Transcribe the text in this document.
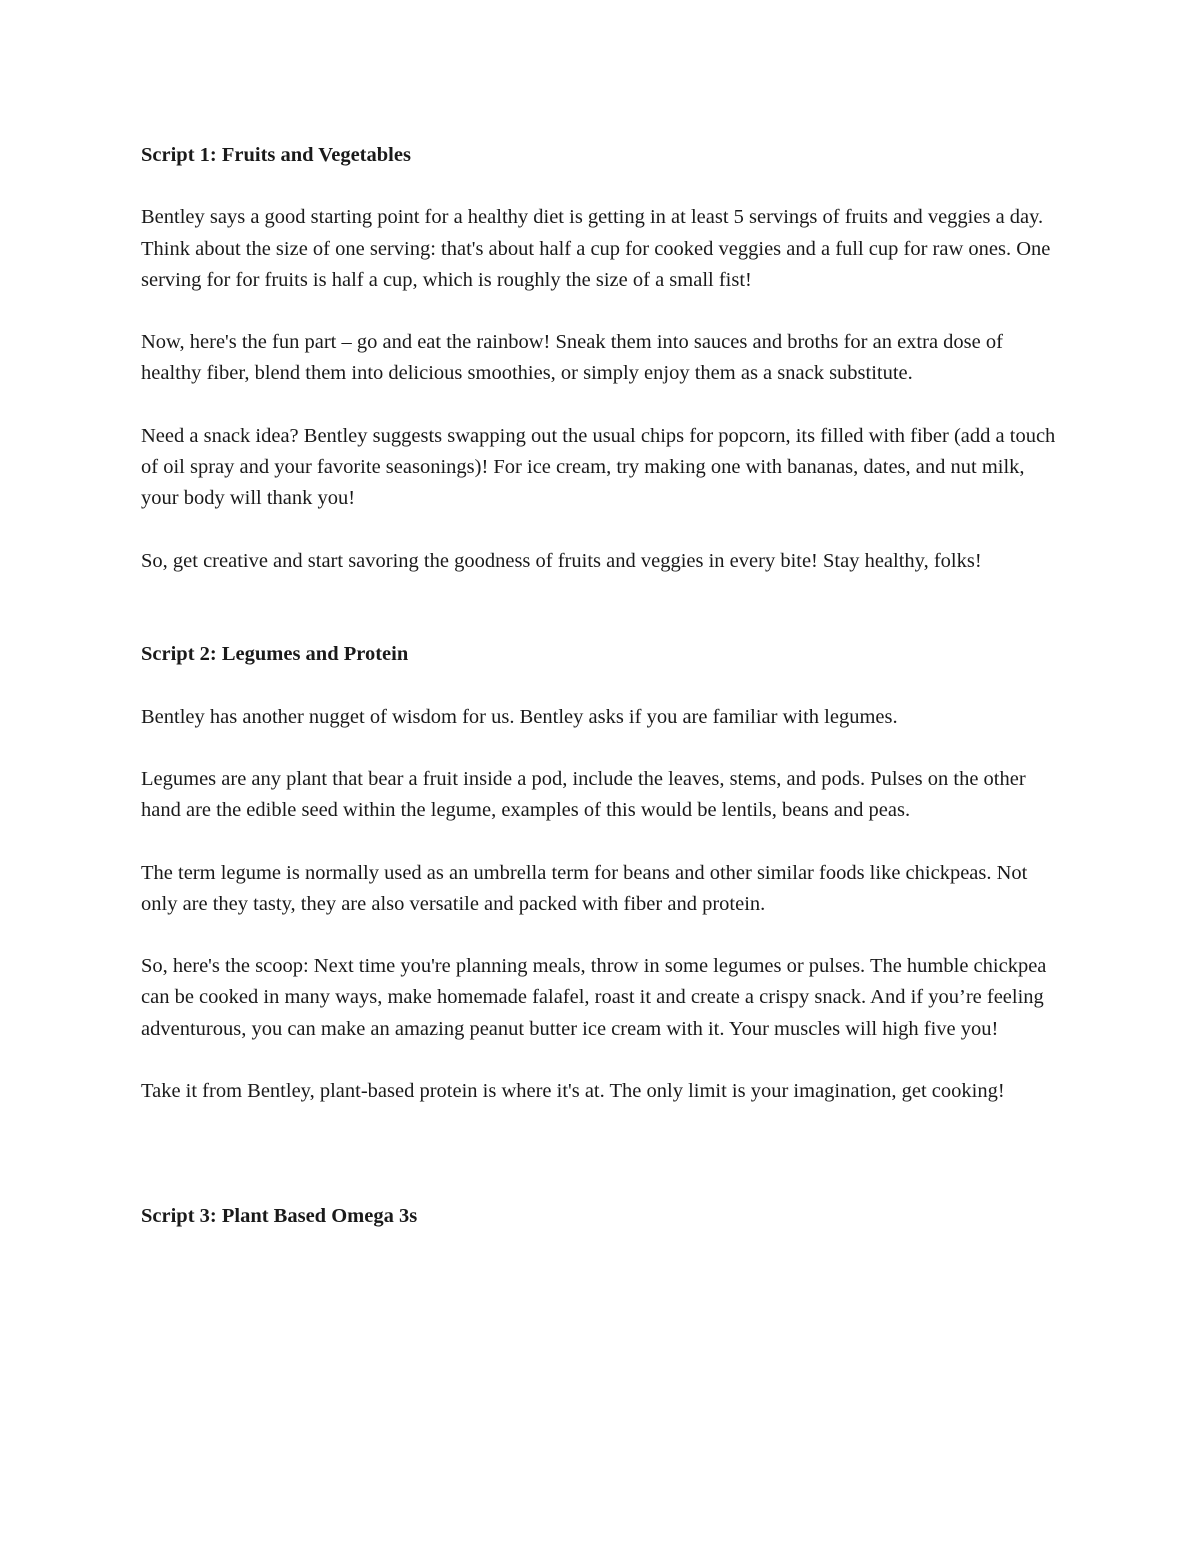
Script 1: Fruits and Vegetables

Bentley says a good starting point for a healthy diet is getting in at least 5 servings of fruits and veggies a day. Think about the size of one serving: that's about half a cup for cooked veggies and a full cup for raw ones. One serving for for fruits is half a cup, which is roughly the size of a small fist!

Now, here's the fun part – go and eat the rainbow! Sneak them into sauces and broths for an extra dose of healthy fiber, blend them into delicious smoothies, or simply enjoy them as a snack substitute.

Need a snack idea? Bentley suggests swapping out the usual chips for popcorn, its filled with fiber (add a touch of oil spray and your favorite seasonings)! For ice cream, try making one with bananas, dates, and nut milk, your body will thank you!

So, get creative and start savoring the goodness of fruits and veggies in every bite! Stay healthy, folks!

Script 2: Legumes and Protein

Bentley has another nugget of wisdom for us. Bentley asks if you are familiar with legumes.

Legumes are any plant that bear a fruit inside a pod, include the leaves, stems, and pods. Pulses on the other hand are the edible seed within the legume, examples of this would be lentils, beans and peas.

The term legume is normally used as an umbrella term for beans and other similar foods like chickpeas. Not only are they tasty, they are also versatile and packed with fiber and protein.

So, here's the scoop: Next time you're planning meals, throw in some legumes or pulses. The humble chickpea can be cooked in many ways, make homemade falafel, roast it and create a crispy snack. And if you’re feeling adventurous, you can make an amazing peanut butter ice cream with it. Your muscles will high five you!

Take it from Bentley, plant-based protein is where it's at. The only limit is your imagination, get cooking!

Script 3: Plant Based Omega 3s
